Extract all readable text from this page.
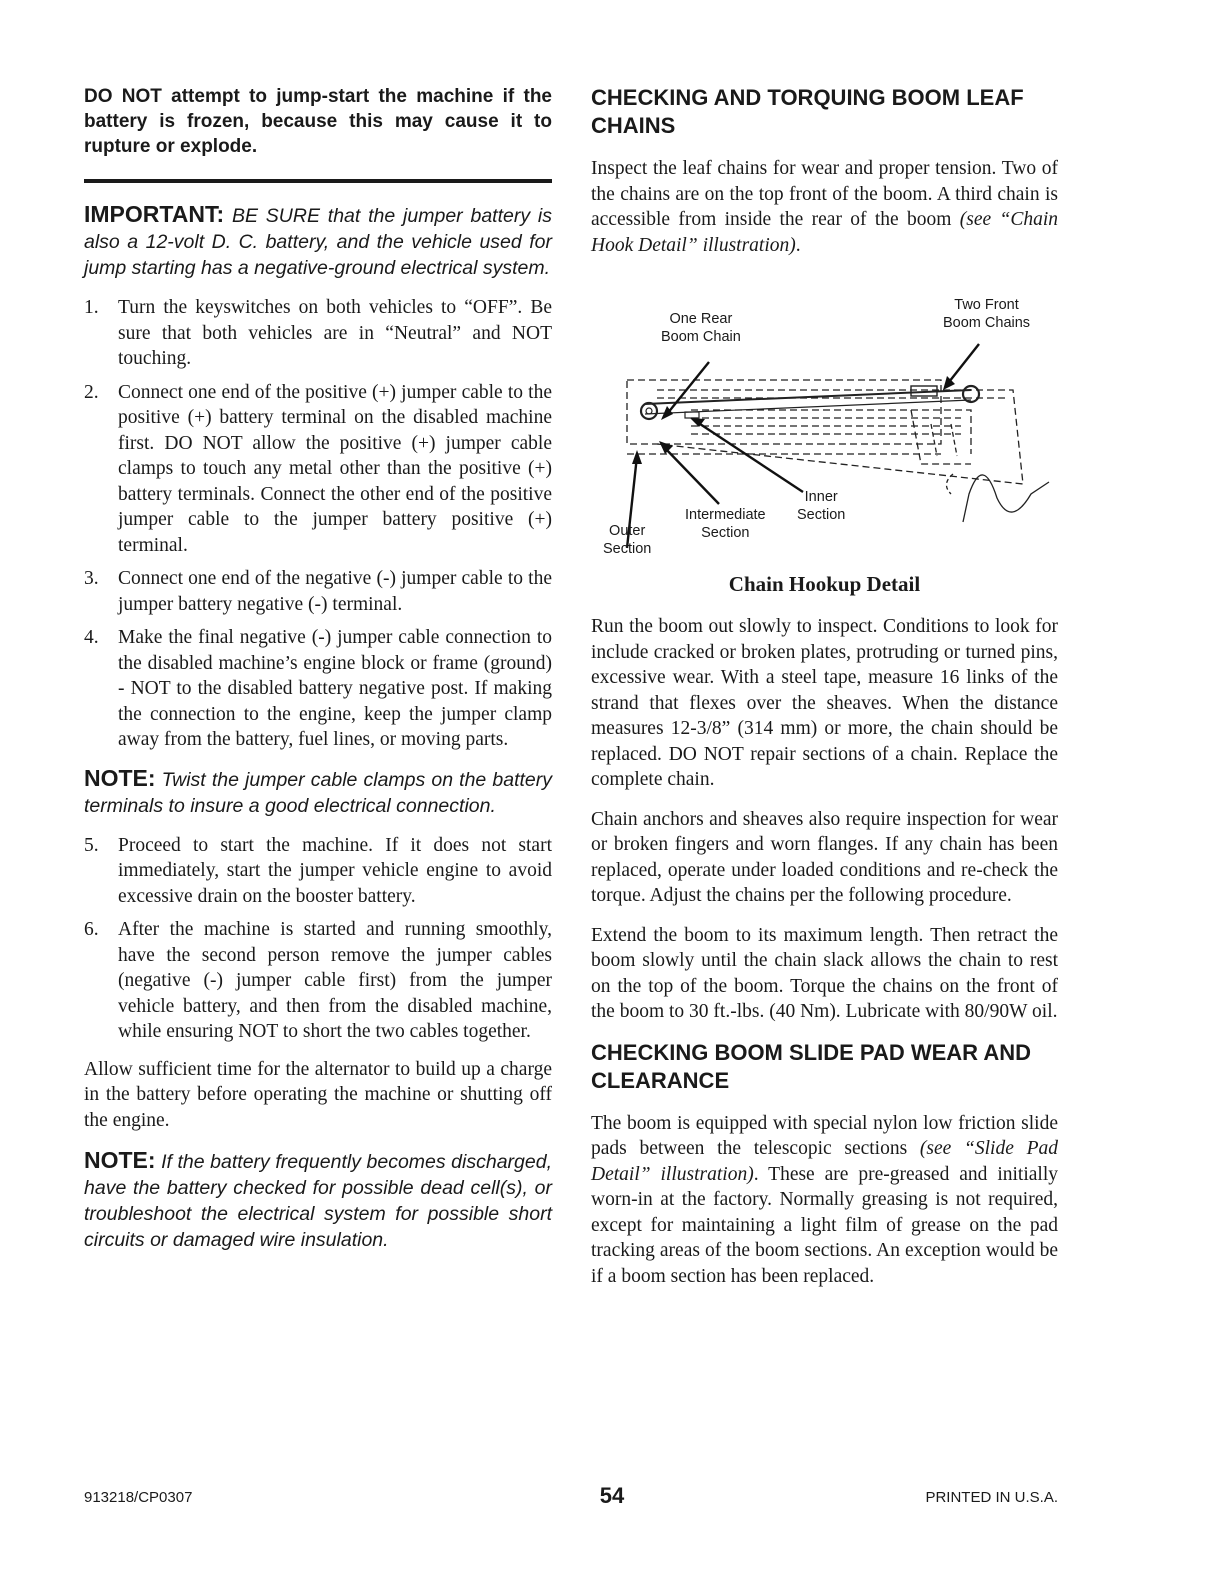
DO NOT attempt to jump-start the machine if the battery is frozen, because this may cause it to rupture or explode.

IMPORTANT: BE SURE that the jumper battery is also a 12-volt D. C. battery, and the vehicle used for jump starting has a negative-ground electrical system.

1. Turn the keyswitches on both vehicles to “OFF”. Be sure that both vehicles are in “Neutral” and NOT touching.
2. Connect one end of the positive (+) jumper cable to the positive (+) battery terminal on the disabled machine first. DO NOT allow the positive (+) jumper cable clamps to touch any metal other than the positive (+) battery terminals. Connect the other end of the positive jumper cable to the jumper battery positive (+) terminal.
3. Connect one end of the negative (-) jumper cable to the jumper battery negative (-) terminal.
4. Make the final negative (-) jumper cable connection to the disabled machine’s engine block or frame (ground) - NOT to the disabled battery negative post. If making the connection to the engine, keep the jumper clamp away from the battery, fuel lines, or moving parts.

NOTE: Twist the jumper cable clamps on the battery terminals to insure a good electrical connection.

5. Proceed to start the machine. If it does not start immediately, start the jumper vehicle engine to avoid excessive drain on the booster battery.
6. After the machine is started and running smoothly, have the second person remove the jumper cables (negative (-) jumper cable first) from the jumper vehicle battery, and then from the disabled machine, while ensuring NOT to short the two cables together.

Allow sufficient time for the alternator to build up a charge in the battery before operating the machine or shutting off the engine.

NOTE: If the battery frequently becomes discharged, have the battery checked for possible dead cell(s), or troubleshoot the electrical system for possible short circuits or damaged wire insulation.

CHECKING AND TORQUING BOOM LEAF CHAINS

Inspect the leaf chains for wear and proper tension. Two of the chains are on the top front of the boom. A third chain is accessible from inside the rear of the boom (see “Chain Hook Detail” illustration).

One Rear
Boom Chain
Two Front
Boom Chains
Outer
Section
Intermediate
Section
Inner
Section
Chain Hookup Detail

Run the boom out slowly to inspect. Conditions to look for include cracked or broken plates, protruding or turned pins, excessive wear. With a steel tape, measure 16 links of the strand that flexes over the sheaves. When the distance measures 12-3/8” (314 mm) or more, the chain should be replaced. DO NOT repair sections of a chain. Replace the complete chain.

Chain anchors and sheaves also require inspection for wear or broken fingers and worn flanges. If any chain has been replaced, operate under loaded conditions and re-check the torque. Adjust the chains per the following procedure.

Extend the boom to its maximum length. Then retract the boom slowly until the chain slack allows the chain to rest on the top of the boom. Torque the chains on the front of the boom to 30 ft.-lbs. (40 Nm). Lubricate with 80/90W oil.

CHECKING BOOM SLIDE PAD WEAR AND CLEARANCE

The boom is equipped with special nylon low friction slide pads between the telescopic sections (see “Slide Pad Detail” illustration). These are pre-greased and initially worn-in at the factory. Normally greasing is not required, except for maintaining a light film of grease on the pad tracking areas of the boom sections. An exception would be if a boom section has been replaced.

913218/CP0307	54	PRINTED IN U.S.A.
